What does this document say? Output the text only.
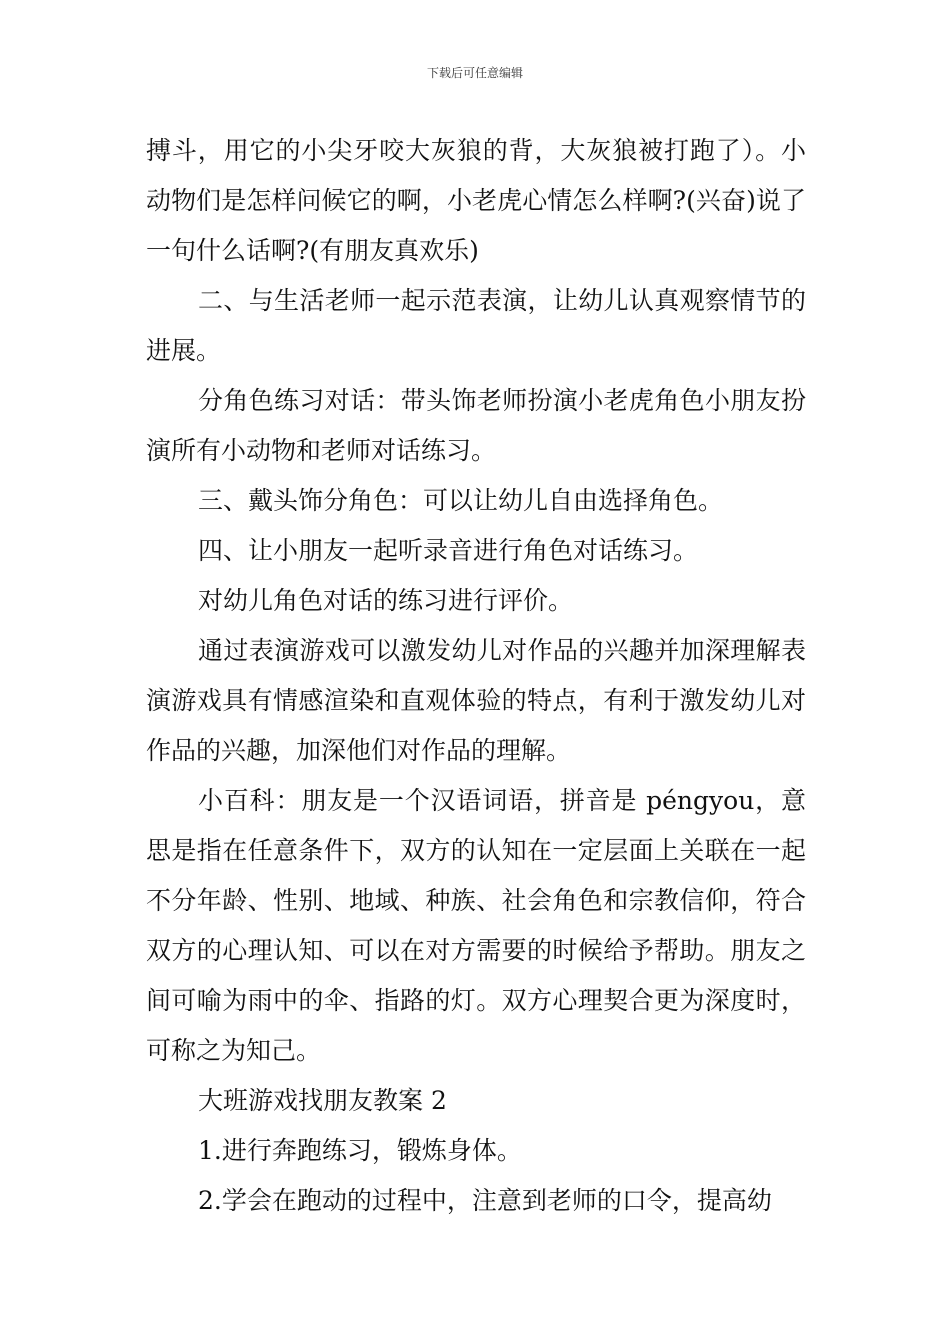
下载后可任意编辑

搏斗，用它的小尖牙咬大灰狼的背，大灰狼被打跑了）。小动物们是怎样问候它的啊，小老虎心情怎么样啊?(兴奋)说了一句什么话啊?(有朋友真欢乐)

二、与生活老师一起示范表演，让幼儿认真观察情节的进展。

分角色练习对话：带头饰老师扮演小老虎角色小朋友扮演所有小动物和老师对话练习。

三、戴头饰分角色：可以让幼儿自由选择角色。

四、让小朋友一起听录音进行角色对话练习。

对幼儿角色对话的练习进行评价。

通过表演游戏可以激发幼儿对作品的兴趣并加深理解表演游戏具有情感渲染和直观体验的特点，有利于激发幼儿对作品的兴趣，加深他们对作品的理解。

小百科：朋友是一个汉语词语，拼音是 péngyou，意思是指在任意条件下，双方的认知在一定层面上关联在一起不分年龄、性别、地域、种族、社会角色和宗教信仰，符合双方的心理认知、可以在对方需要的时候给予帮助。朋友之间可喻为雨中的伞、指路的灯。双方心理契合更为深度时，可称之为知己。

大班游戏找朋友教案 2

1.进行奔跑练习，锻炼身体。

2.学会在跑动的过程中，注意到老师的口令，提高幼
